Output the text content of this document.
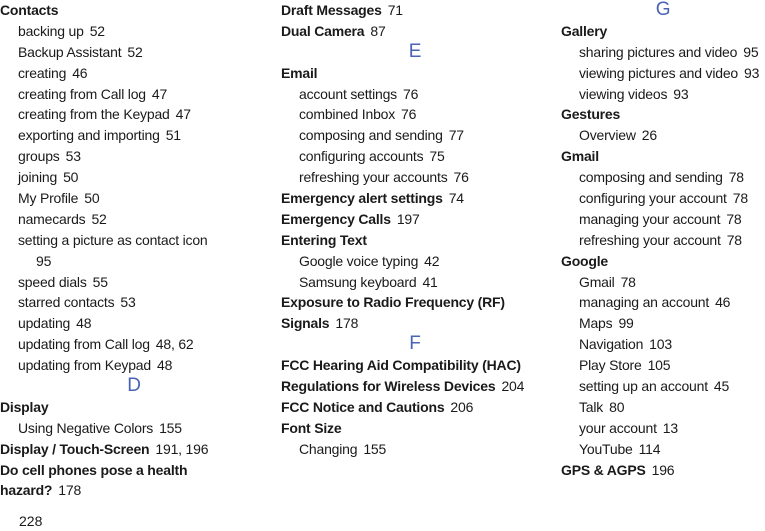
Contacts
backing up 52
Backup Assistant 52
creating 46
creating from Call log 47
creating from the Keypad 47
exporting and importing 51
groups 53
joining 50
My Profile 50
namecards 52
setting a picture as contact icon
95
speed dials 55
starred contacts 53
updating 48
updating from Call log 48, 62
updating from Keypad 48
D
Display
Using Negative Colors 155
Display / Touch-Screen 191, 196
Do cell phones pose a health
hazard? 178
Draft Messages 71
Dual Camera 87
E
Email
account settings 76
combined Inbox 76
composing and sending 77
configuring accounts 75
refreshing your accounts 76
Emergency alert settings 74
Emergency Calls 197
Entering Text
Google voice typing 42
Samsung keyboard 41
Exposure to Radio Frequency (RF)
Signals 178
F
FCC Hearing Aid Compatibility (HAC)
Regulations for Wireless Devices 204
FCC Notice and Cautions 206
Font Size
Changing 155
G
Gallery
sharing pictures and video 95
viewing pictures and video 93
viewing videos 93
Gestures
Overview 26
Gmail
composing and sending 78
configuring your account 78
managing your account 78
refreshing your account 78
Google
Gmail 78
managing an account 46
Maps 99
Navigation 103
Play Store 105
setting up an account 45
Talk 80
your account 13
YouTube 114
GPS & AGPS 196
228
